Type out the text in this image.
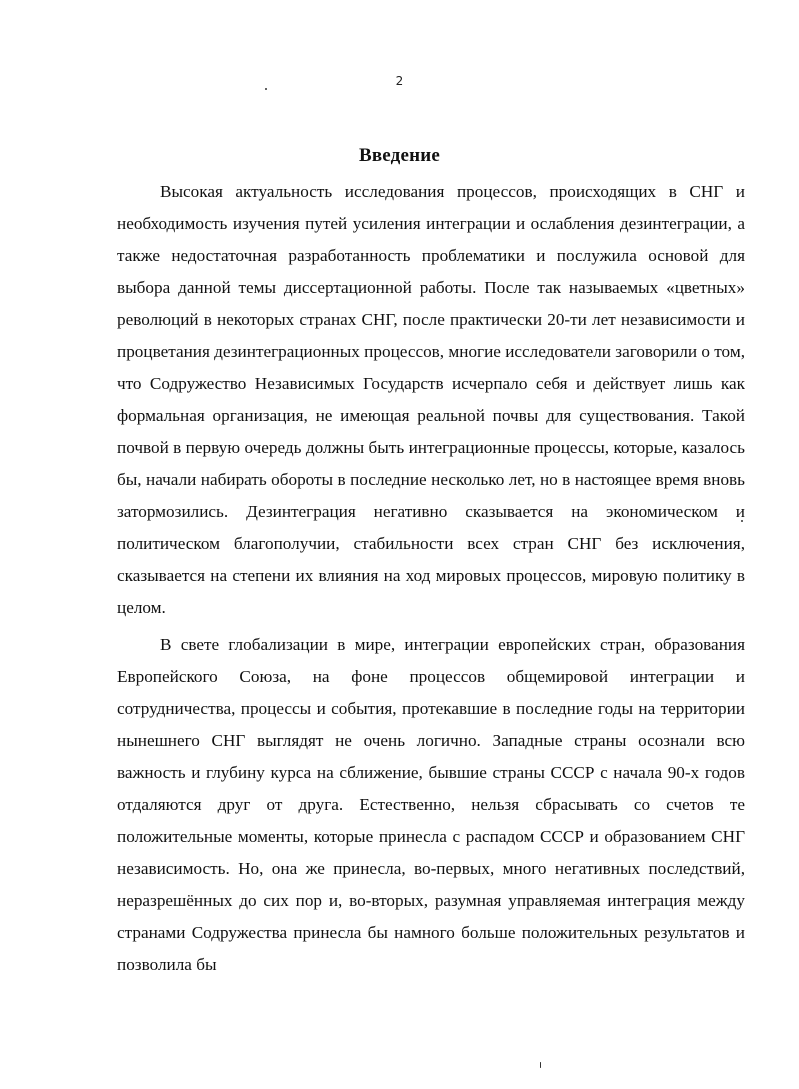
2
Введение

Высокая актуальность исследования процессов, происходящих в СНГ и необходимость изучения путей усиления интеграции и ослабления дезинтеграции, а также недостаточная разработанность проблематики и послужила основой для выбора данной темы диссертационной работы. После так называемых «цветных» революций в некоторых странах СНГ, после практически 20-ти лет независимости и процветания дезинтеграционных процессов, многие исследователи заговорили о том, что Содружество Независимых Государств исчерпало себя и действует лишь как формальная организация, не имеющая реальной почвы для существования. Такой почвой в первую очередь должны быть интеграционные процессы, которые, казалось бы, начали набирать обороты в последние несколько лет, но в настоящее время вновь затормозились. Дезинтеграция негативно сказывается на экономическом и политическом благополучии, стабильности всех стран СНГ без исключения, сказывается на степени их влияния на ход мировых процессов, мировую политику в целом.

В свете глобализации в мире, интеграции европейских стран, образования Европейского Союза, на фоне процессов общемировой интеграции и сотрудничества, процессы и события, протекавшие в последние годы на территории нынешнего СНГ выглядят не очень логично. Западные страны осознали всю важность и глубину курса на сближение, бывшие страны СССР с начала 90-х годов отдаляются друг от друга. Естественно, нельзя сбрасывать со счетов те положительные моменты, которые принесла с распадом СССР и образованием СНГ независимость. Но, она же принесла, во-первых, много негативных последствий, неразрешённых до сих пор и, во-вторых, разумная управляемая интеграция между странами Содружества принесла бы намного больше положительных результатов и позволила бы
